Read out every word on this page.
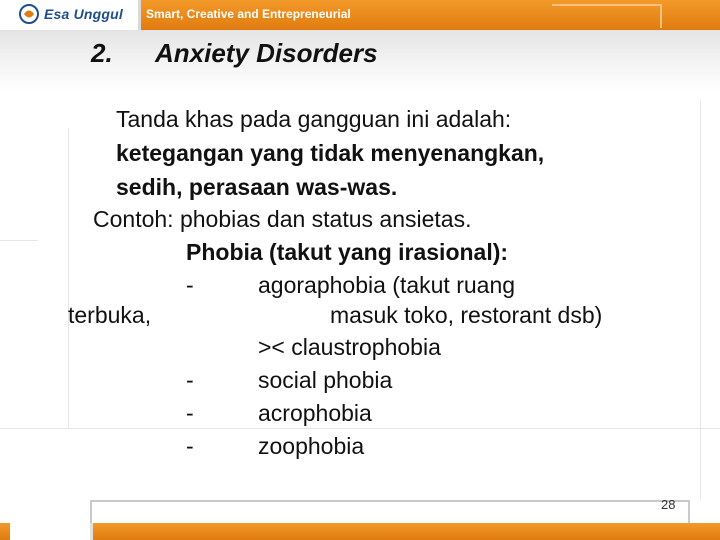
Esa Unggul Smart, Creative and Entrepreneurial
2. Anxiety Disorders
Tanda khas pada gangguan ini adalah:
ketegangan yang tidak menyenangkan,
sedih, perasaan was-was.
Contoh: phobias dan status ansietas.
Phobia (takut yang irasional):
-	agoraphobia (takut ruang
terbuka,	masuk toko, restorant dsb)
>< claustrophobia
-	social phobia
-	acrophobia
-	zoophobia
28
